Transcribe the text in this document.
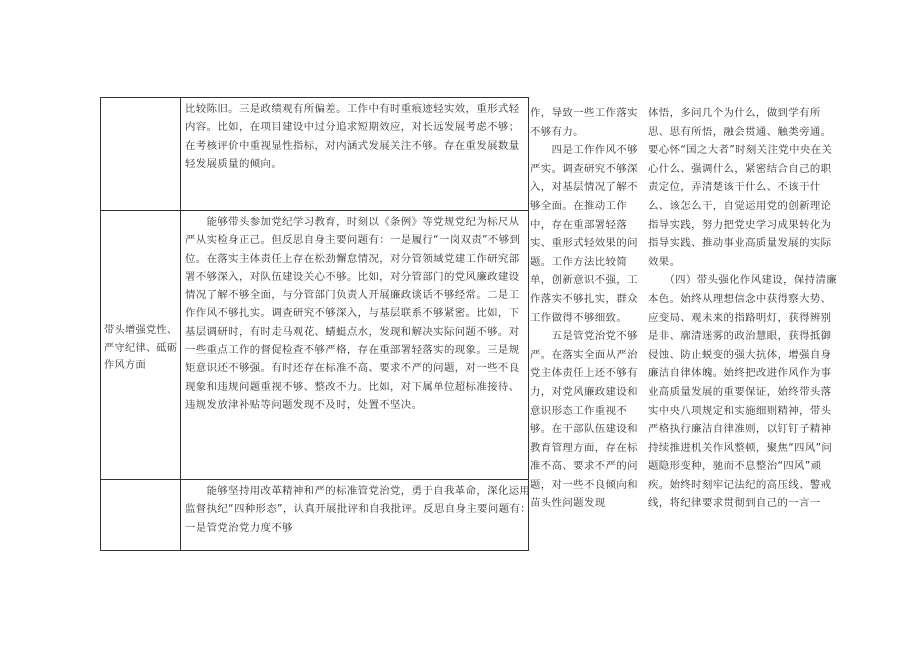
比较陈旧。三是政绩观有所偏差。工作中有时重痕迹轻实效，重形式轻内容。比如，在项目建设中过分追求短期效应，对长远发展考虑不够；在考核评价中重视显性指标，对内涵式发展关注不够。存在重发展数量轻发展质量的倾向。
带头增强党性、严守纪律、砥砺作风方面
　　能够带头参加党纪学习教育，时刻以《条例》等党规党纪为标尺从严从实检身正己。但反思自身主要问题有：一是履行“一岗双责”不够到位。在落实主体责任上存在松劲懈怠情况，对分管领域党建工作研究部署不够深入，对队伍建设关心不够。比如，对分管部门的党风廉政建设情况了解不够全面，与分管部门负责人开展廉政谈话不够经常。二是工作作风不够扎实。调查研究不够深入，与基层联系不够紧密。比如，下基层调研时，有时走马观花、蜻蜓点水，发现和解决实际问题不够。对一些重点工作的督促检查不够严格，存在重部署轻落实的现象。三是规矩意识还不够强。有时还存在标准不高、要求不严的问题，对一些不良现象和违规问题重视不够、整改不力。比如，对下属单位超标准接待、违规发放津补贴等问题发现不及时，处置不坚决。
　　能够坚持用改革精神和严的标准管党治党，勇于自我革命，深化运用监督执纪“四种形态”，认真开展批评和自我批评。反思自身主要问题有：一是管党治党力度不够
作，导致一些工作落实不够有力。
　　四是工作作风不够严实。调查研究不够深入，对基层情况了解不够全面。在推动工作中，存在重部署轻落实、重形式轻效果的问题。工作方法比较简单，创新意识不强，工作落实不够扎实，群众工作做得不够细致。
　　五是管党治党不够严。在落实全面从严治党主体责任上还不够有力，对党风廉政建设和意识形态工作重视不够。在干部队伍建设和教育管理方面，存在标准不高、要求不严的问题，对一些不良倾向和苗头性问题发现
体悟，多问几个为什么，做到学有所思、思有所悟，融会贯通、触类旁通。要心怀“国之大者”时刻关注党中央在关心什么、强调什么，紧密结合自己的职责定位，弄清楚该干什么、不该干什么、该怎么干，自觉运用党的创新理论指导实践，努力把党史学习成果转化为指导实践、推动事业高质量发展的实际效果。
　　（四）带头强化作风建设，保持清廉本色。始终从理想信念中获得察大势、应变局、观未来的指路明灯，获得辨别是非、廓清迷雾的政治慧眼，获得抵御侵蚀、防止蜕变的强大抗体，增强自身廉洁自律体魄。始终把改进作风作为事业高质量发展的重要保证，始终带头落实中央八项规定和实施细则精神，带头严格执行廉洁自律准则，以钉钉子精神持续推进机关作风整顿，聚焦“四风”问题隐形变种，驰而不息整治“四风”顽疾。始终时刻牢记法纪的高压线、警戒线，将纪律要求贯彻到自己的一言一
